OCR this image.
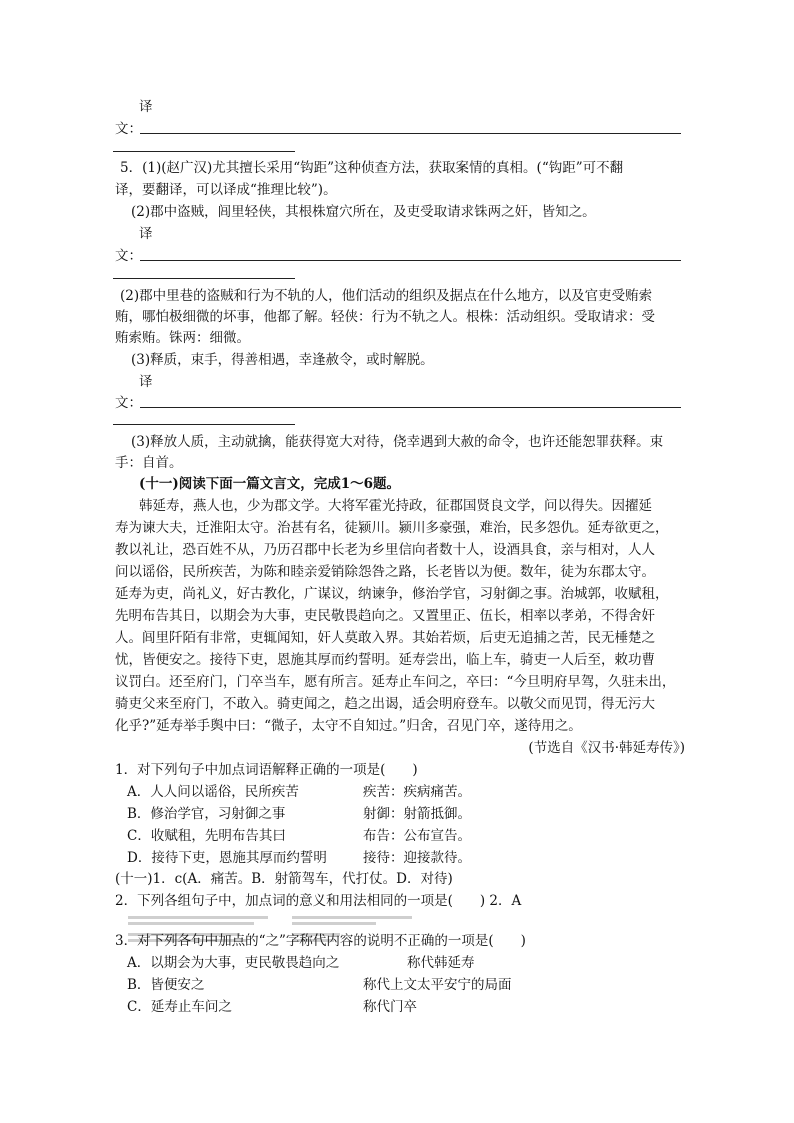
译
文：
5．(1)(赵广汉)尤其擅长采用“钩距”这种侦查方法，获取案情的真相。(“钩距”可不翻
译，要翻译，可以译成“推理比较”)。
(2)郡中盗贼，闾里轻侠，其根株窟穴所在，及吏受取请求铢两之奸，皆知之。
译
文：
(2)郡中里巷的盗贼和行为不轨的人，他们活动的组织及据点在什么地方，以及官吏受贿索
贿，哪怕极细微的坏事，他都了解。轻侠：行为不轨之人。根株：活动组织。受取请求：受
贿索贿。铢两：细微。
(3)释质，束手，得善相遇，幸逢赦令，或时解脱。
译
文：
(3)释放人质，主动就擒，能获得宽大对待，侥幸遇到大赦的命令，也许还能恕罪获释。束
手：自首。
(十一)阅读下面一篇文言文，完成1～6题。
韩延寿，燕人也，少为郡文学。大将军霍光持政，征郡国贤良文学，问以得失。因擢延
寿为谏大夫，迁淮阳太守。治甚有名，徒颍川。颍川多豪强，难治，民多怨仇。延寿欲更之，
教以礼让，恐百姓不从，乃历召郡中长老为乡里信向者数十人，设酒具食，亲与相对，人人
问以谣俗，民所疾苦，为陈和睦亲爱销除怨咎之路，长老皆以为便。数年，徒为东郡太守。
延寿为吏，尚礼义，好古教化，广谋议，纳谏争，修治学官，习射御之事。治城郭，收赋租，
先明布告其日，以期会为大事，吏民敬畏趋向之。又置里正、伍长，相率以孝弟，不得舍奸
人。闾里阡陌有非常，吏辄闻知，奸人莫敢入界。其始若烦，后吏无追捕之苦，民无棰楚之
忧，皆便安之。接待下吏，恩施其厚而约誓明。延寿尝出，临上车，骑吏一人后至，敕功曹
议罚白。还至府门，门卒当车，愿有所言。延寿止车问之，卒曰：“今旦明府早驾，久驻未出，
骑吏父来至府门，不敢入。骑吏闻之，趋之出谒，适会明府登车。以敬父而见罚，得无污大
化乎?”延寿举手舆中曰：“微子，太守不自知过。”归舍，召见门卒，遂待用之。
(节选自《汉书·韩延寿传》)
1．对下列句子中加点词语解释正确的一项是(　　)
A．人人问以谣俗，民所疾苦	疾苦：疾病痛苦。
B．修治学官，习射御之事	射御：射箭抵御。
C．收赋租，先明布告其曰	布告：公布宣告。
D．接待下吏，恩施其厚而约誓明	接待：迎接款待。
(十一)1．c(A．痛苦。B．射箭驾车，代打仗。D．对待)
2．下列各组句子中，加点词的意义和用法相同的一项是(　　) 2．A
3．对下列各句中加点的“之”字称代内容的说明不正确的一项是(　　)
A．以期会为大事，吏民敬畏趋向之	称代韩延寿
B．皆便安之	称代上文太平安宁的局面
C．延寿止车问之	称代门卒
